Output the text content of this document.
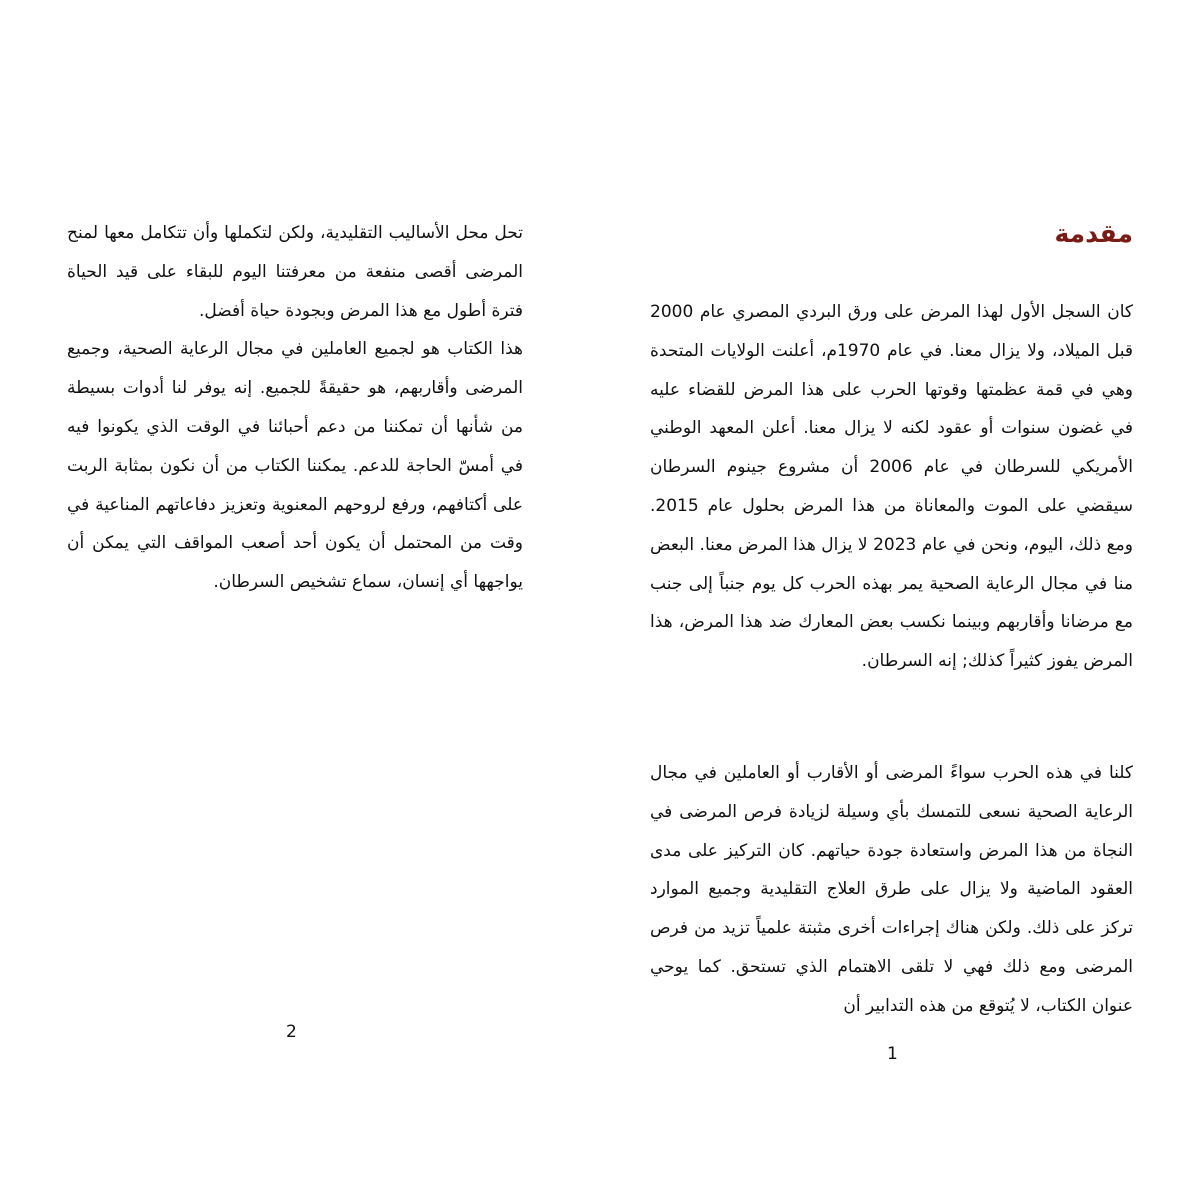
تحل محل الأساليب التقليدية، ولكن لتكملها وأن تتكامل معها لمنح المرضى أقصى منفعة من معرفتنا اليوم للبقاء على قيد الحياة فترة أطول مع هذا المرض وبجودة حياة أفضل.

هذا الكتاب هو لجميع العاملين في مجال الرعاية الصحية، وجميع المرضى وأقاربهم، هو حقيقةً للجميع. إنه يوفر لنا أدوات بسيطة من شأنها أن تمكننا من دعم أحبائنا في الوقت الذي يكونوا فيه في أمسّ الحاجة للدعم. يمكننا الكتاب من أن نكون بمثابة الربت على أكتافهم، ورفع لروحهم المعنوية وتعزيز دفاعاتهم المناعية في وقت من المحتمل أن يكون أحد أصعب المواقف التي يمكن أن يواجهها أي إنسان، سماع تشخيص السرطان.

2
مقدمة

كان السجل الأول لهذا المرض على ورق البردي المصري عام 2000 قبل الميلاد، ولا يزال معنا. في عام 1970م، أعلنت الولايات المتحدة وهي في قمة عظمتها وقوتها الحرب على هذا المرض للقضاء عليه في غضون سنوات أو عقود لكنه لا يزال معنا. أعلن المعهد الوطني الأمريكي للسرطان في عام 2006 أن مشروع جينوم السرطان سيقضي على الموت والمعاناة من هذا المرض بحلول عام 2015. ومع ذلك، اليوم، ونحن في عام 2023 لا يزال هذا المرض معنا. البعض منا في مجال الرعاية الصحية يمر بهذه الحرب كل يوم جنباً إلى جنب مع مرضانا وأقاربهم وبينما نكسب بعض المعارك ضد هذا المرض، هذا المرض يفوز كثيراً كذلك; إنه السرطان.

كلنا في هذه الحرب سواءً المرضى أو الأقارب أو العاملين في مجال الرعاية الصحية نسعى للتمسك بأي وسيلة لزيادة فرص المرضى في النجاة من هذا المرض واستعادة جودة حياتهم. كان التركيز على مدى العقود الماضية ولا يزال على طرق العلاج التقليدية وجميع الموارد تركز على ذلك. ولكن هناك إجراءات أخرى مثبتة علمياً تزيد من فرص المرضى ومع ذلك فهي لا تلقى الاهتمام الذي تستحق. كما يوحي عنوان الكتاب، لا يُتوقع من هذه التدابير أن

1
